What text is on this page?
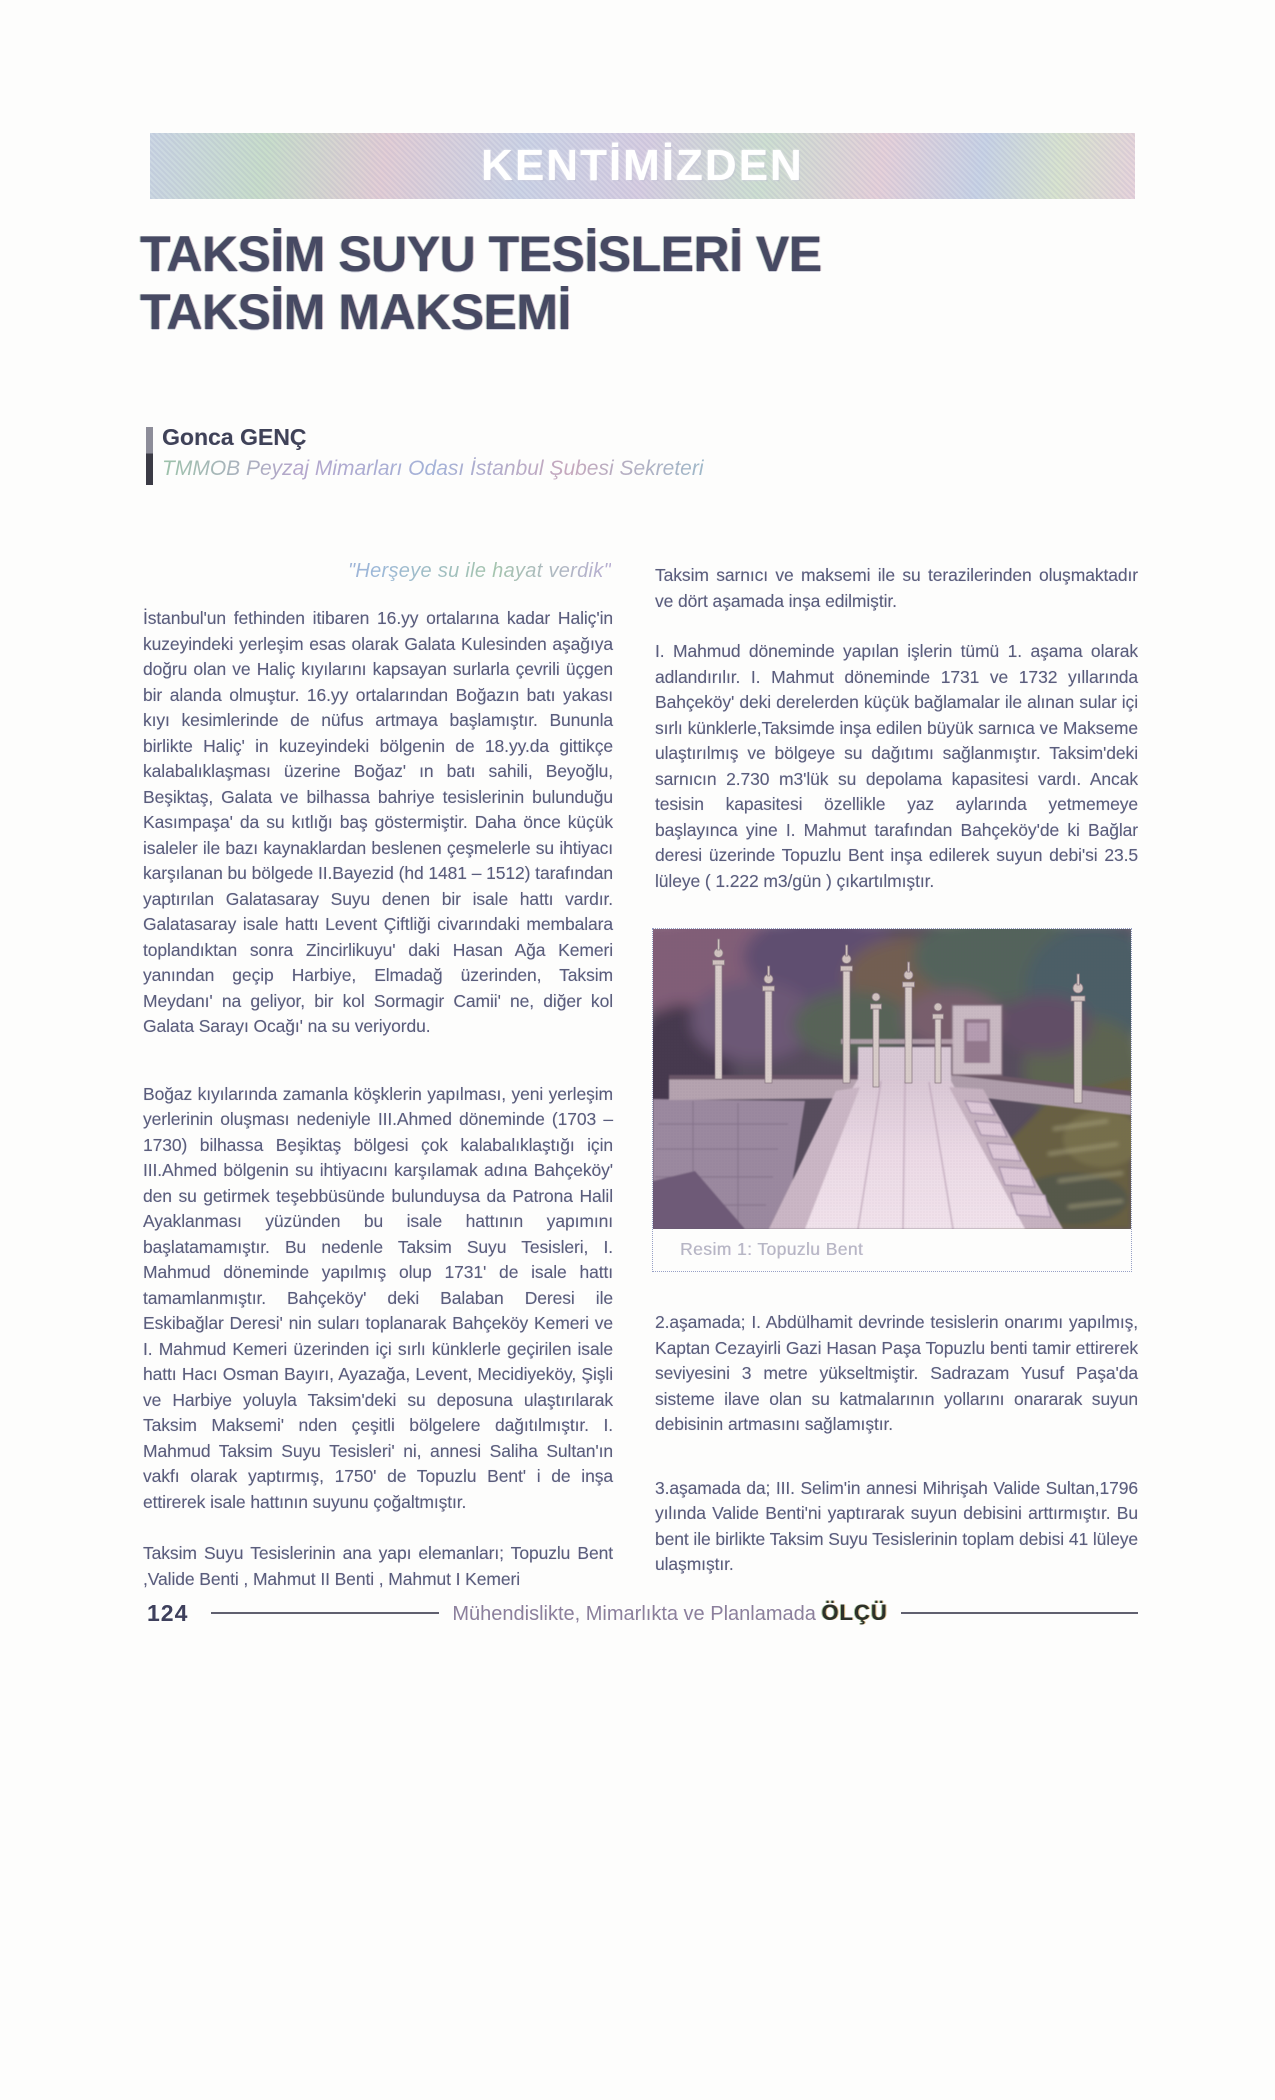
KENTİMİZDEN
TAKSİM SUYU TESİSLERİ VE
TAKSİM MAKSEMİ
Gonca GENÇ
TMMOB Peyzaj Mimarları Odası İstanbul Şubesi Sekreteri
"Herşeye su ile hayat verdik"

İstanbul'un fethinden itibaren 16.yy ortalarına kadar Haliç'in kuzeyindeki yerleşim esas olarak Galata Kulesinden aşağıya doğru olan ve Haliç kıyılarını kapsayan surlarla çevrili üçgen bir alanda olmuştur. 16.yy ortalarından Boğazın batı yakası kıyı kesimlerinde de nüfus artmaya başlamıştır. Bununla birlikte Haliç' in kuzeyindeki bölgenin de 18.yy.da gittikçe kalabalıklaşması üzerine Boğaz' ın batı sahili, Beyoğlu, Beşiktaş, Galata ve bilhassa bahriye tesislerinin bulunduğu Kasımpaşa' da su kıtlığı baş göstermiştir. Daha önce küçük isaleler ile bazı kaynaklardan beslenen çeşmelerle su ihtiyacı karşılanan bu bölgede II.Bayezid (hd 1481 – 1512) tarafından yaptırılan Galatasaray Suyu denen bir isale hattı vardır. Galatasaray isale hattı Levent Çiftliği civarındaki membalara toplandıktan sonra Zincirlikuyu' daki Hasan Ağa Kemeri yanından geçip Harbiye, Elmadağ üzerinden, Taksim Meydanı' na geliyor, bir kol Sormagir Camii' ne, diğer kol Galata Sarayı Ocağı' na su veriyordu.

Boğaz kıyılarında zamanla köşklerin yapılması, yeni yerleşim yerlerinin oluşması nedeniyle III.Ahmed döneminde (1703 – 1730) bilhassa Beşiktaş bölgesi çok kalabalıklaştığı için III.Ahmed bölgenin su ihtiyacını karşılamak adına Bahçeköy' den su getirmek teşebbüsünde bulunduysa da Patrona Halil Ayaklanması yüzünden bu isale hattının yapımını başlatamamıştır. Bu nedenle Taksim Suyu Tesisleri, I. Mahmud döneminde yapılmış olup 1731' de isale hattı tamamlanmıştır. Bahçeköy' deki Balaban Deresi ile Eskibağlar Deresi' nin suları toplanarak Bahçeköy Kemeri ve I. Mahmud Kemeri üzerinden içi sırlı künklerle geçirilen isale hattı Hacı Osman Bayırı, Ayazağa, Levent, Mecidiyeköy, Şişli ve Harbiye yoluyla Taksim'deki su deposuna ulaştırılarak Taksim Maksemi' nden çeşitli bölgelere dağıtılmıştır. I. Mahmud Taksim Suyu Tesisleri' ni, annesi Saliha Sultan'ın vakfı olarak yaptırmış, 1750' de Topuzlu Bent' i de inşa ettirerek isale hattının suyunu çoğaltmıştır.

Taksim Suyu Tesislerinin ana yapı elemanları; Topuzlu Bent ,Valide Benti , Mahmut II Benti , Mahmut I Kemeri

Taksim sarnıcı ve maksemi ile su terazilerinden oluşmaktadır ve dört aşamada inşa edilmiştir.

I. Mahmud döneminde yapılan işlerin tümü 1. aşama olarak adlandırılır. I. Mahmut döneminde 1731 ve 1732 yıllarında Bahçeköy' deki derelerden küçük bağlamalar ile alınan sular içi sırlı künklerle,Taksimde inşa edilen büyük sarnıca ve Makseme ulaştırılmış ve bölgeye su dağıtımı sağlanmıştır. Taksim'deki sarnıcın 2.730 m3'lük su depolama kapasitesi vardı. Ancak tesisin kapasitesi özellikle yaz aylarında yetmemeye başlayınca yine I. Mahmut tarafından Bahçeköy'de ki Bağlar deresi üzerinde Topuzlu Bent inşa edilerek suyun debi'si 23.5 lüleye ( 1.222 m3/gün ) çıkartılmıştır.

Resim 1: Topuzlu Bent

2.aşamada; I. Abdülhamit devrinde tesislerin onarımı yapılmış, Kaptan Cezayirli Gazi Hasan Paşa Topuzlu benti tamir ettirerek seviyesini 3 metre yükseltmiştir. Sadrazam Yusuf Paşa'da sisteme ilave olan su katmalarının yollarını onararak suyun debisinin artmasını sağlamıştır.

3.aşamada da; III. Selim'in annesi Mihrişah Valide Sultan,1796 yılında Valide Benti'ni yaptırarak suyun debisini arttırmıştır. Bu bent ile birlikte Taksim Suyu Tesislerinin toplam debisi 41 lüleye ulaşmıştır.

124	Mühendislikte, Mimarlıkta ve Planlamada ÖLÇÜ
